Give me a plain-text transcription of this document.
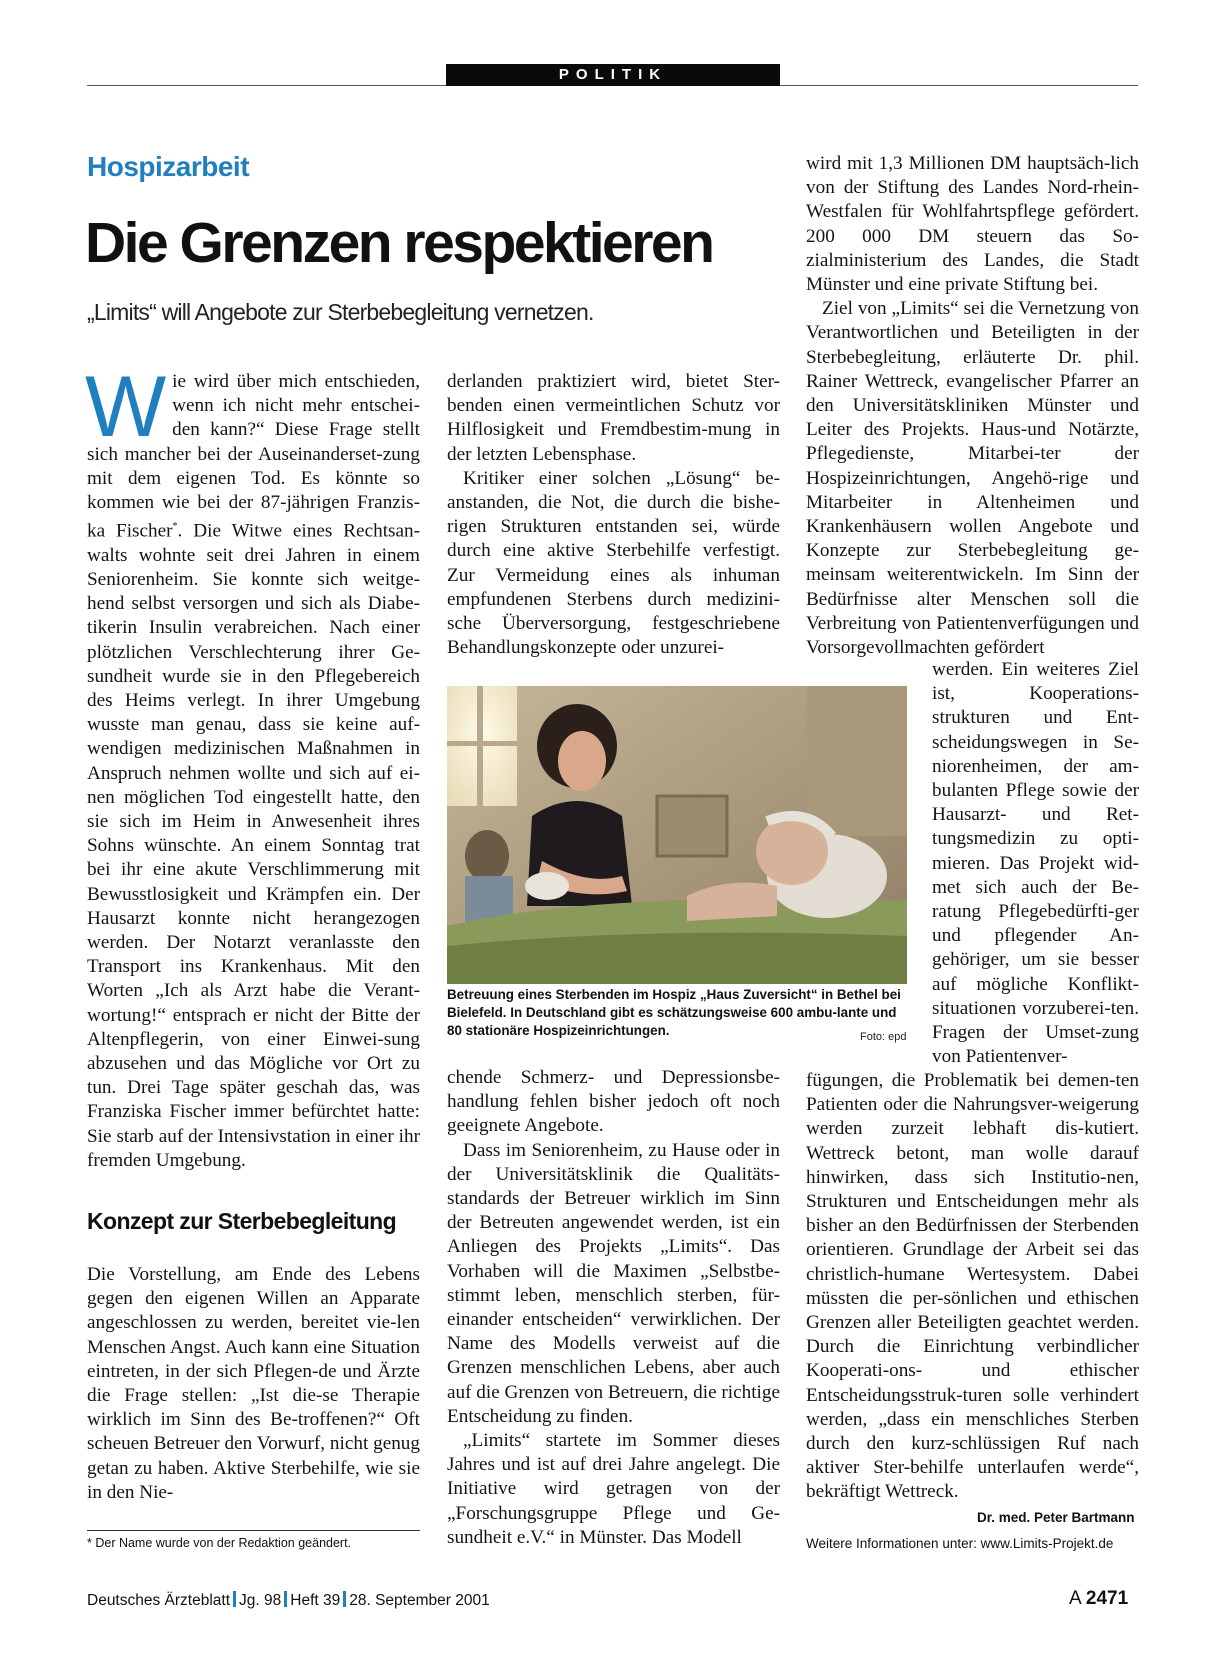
POLITIK
Hospizarbeit
Die Grenzen respektieren
„Limits“ will Angebote zur Sterbebegleitung vernetzen.

Wie wird über mich entschieden, wenn ich nicht mehr entschei-den kann?“ Diese Frage stellt sich mancher bei der Auseinanderset-zung mit dem eigenen Tod. Es könnte so kommen wie bei der 87-jährigen Franzis-ka Fischer*. Die Witwe eines Rechtsan-walts wohnte seit drei Jahren in einem Seniorenheim. Sie konnte sich weitge-hend selbst versorgen und sich als Diabe-tikerin Insulin verabreichen. Nach einer plötzlichen Verschlechterung ihrer Ge-sundheit wurde sie in den Pflegebereich des Heims verlegt. In ihrer Umgebung wusste man genau, dass sie keine auf-wendigen medizinischen Maßnahmen in Anspruch nehmen wollte und sich auf ei-nen möglichen Tod eingestellt hatte, den sie sich im Heim in Anwesenheit ihres Sohns wünschte. An einem Sonntag trat bei ihr eine akute Verschlimmerung mit Bewusstlosigkeit und Krämpfen ein. Der Hausarzt konnte nicht herangezogen werden. Der Notarzt veranlasste den Transport ins Krankenhaus. Mit den Worten „Ich als Arzt habe die Verant-wortung!“ entsprach er nicht der Bitte der Altenpflegerin, von einer Einwei-sung abzusehen und das Mögliche vor Ort zu tun. Drei Tage später geschah das, was Franziska Fischer immer befürchtet hatte: Sie starb auf der Intensivstation in einer ihr fremden Umgebung.

Konzept zur Sterbebegleitung

Die Vorstellung, am Ende des Lebens gegen den eigenen Willen an Apparate angeschlossen zu werden, bereitet vie-len Menschen Angst. Auch kann eine Situation eintreten, in der sich Pflegen-de und Ärzte die Frage stellen: „Ist die-se Therapie wirklich im Sinn des Be-troffenen?“ Oft scheuen Betreuer den Vorwurf, nicht genug getan zu haben. Aktive Sterbehilfe, wie sie in den Nie-

derlanden praktiziert wird, bietet Ster-benden einen vermeintlichen Schutz vor Hilflosigkeit und Fremdbestim-mung in der letzten Lebensphase.

Kritiker einer solchen „Lösung“ be-anstanden, die Not, die durch die bishe-rigen Strukturen entstanden sei, würde durch eine aktive Sterbehilfe verfestigt. Zur Vermeidung eines als inhuman empfundenen Sterbens durch medizini-sche Überversorgung, festgeschriebene Behandlungskonzepte oder unzurei-

Betreuung eines Sterbenden im Hospiz „Haus Zuversicht“ in Bethel bei Bielefeld. In Deutschland gibt es schätzungsweise 600 ambu-lante und 80 stationäre Hospizeinrichtungen.	Foto: epd

chende Schmerz- und Depressionsbe-handlung fehlen bisher jedoch oft noch geeignete Angebote.

Dass im Seniorenheim, zu Hause oder in der Universitätsklinik die Qualitäts-standards der Betreuer wirklich im Sinn der Betreuten angewendet werden, ist ein Anliegen des Projekts „Limits“. Das Vorhaben will die Maximen „Selbstbe-stimmt leben, menschlich sterben, für-einander entscheiden“ verwirklichen. Der Name des Modells verweist auf die Grenzen menschlichen Lebens, aber auch auf die Grenzen von Betreuern, die richtige Entscheidung zu finden.

„Limits“ startete im Sommer dieses Jahres und ist auf drei Jahre angelegt. Die Initiative wird getragen von der „Forschungsgruppe Pflege und Ge-sundheit e.V.“ in Münster. Das Modell

wird mit 1,3 Millionen DM hauptsäch-lich von der Stiftung des Landes Nord-rhein-Westfalen für Wohlfahrtspflege gefördert. 200 000 DM steuern das So-zialministerium des Landes, die Stadt Münster und eine private Stiftung bei.

Ziel von „Limits“ sei die Vernetzung von Verantwortlichen und Beteiligten in der Sterbebegleitung, erläuterte Dr. phil. Rainer Wettreck, evangelischer Pfarrer an den Universitätskliniken Münster und Leiter des Projekts. Haus-und Notärzte, Pflegedienste, Mitarbei-ter der Hospizeinrichtungen, Angehö-rige und Mitarbeiter in Altenheimen und Krankenhäusern wollen Angebote und Konzepte zur Sterbebegleitung ge-meinsam weiterentwickeln. Im Sinn der Bedürfnisse alter Menschen soll die Verbreitung von Patientenverfügungen und Vorsorgevollmachten gefördert

werden. Ein weiteres Ziel ist, Kooperations-strukturen und Ent-scheidungswegen in Se-niorenheimen, der am-bulanten Pflege sowie der Hausarzt- und Ret-tungsmedizin zu opti-mieren. Das Projekt wid-met sich auch der Be-ratung Pflegebedürfti-ger und pflegender An-gehöriger, um sie besser auf mögliche Konflikt-situationen vorzuberei-ten. Fragen der Umset-zung von Patientenver-

fügungen, die Problematik bei demen-ten Patienten oder die Nahrungsver-weigerung werden zurzeit lebhaft dis-kutiert. Wettreck betont, man wolle darauf hinwirken, dass sich Institutio-nen, Strukturen und Entscheidungen mehr als bisher an den Bedürfnissen der Sterbenden orientieren. Grundlage der Arbeit sei das christlich-humane Wertesystem. Dabei müssten die per-sönlichen und ethischen Grenzen aller Beteiligten geachtet werden. Durch die Einrichtung verbindlicher Kooperati-ons- und ethischer Entscheidungsstruk-turen solle verhindert werden, „dass ein menschliches Sterben durch den kurz-schlüssigen Ruf nach aktiver Ster-behilfe unterlaufen werde“, bekräftigt Wettreck.

Dr. med. Peter Bartmann
Weitere Informationen unter: www.Limits-Projekt.de
* Der Name wurde von der Redaktion geändert.
Deutsches Ärzteblatt Jg. 98 Heft 39 28. September 2001	A 2471
